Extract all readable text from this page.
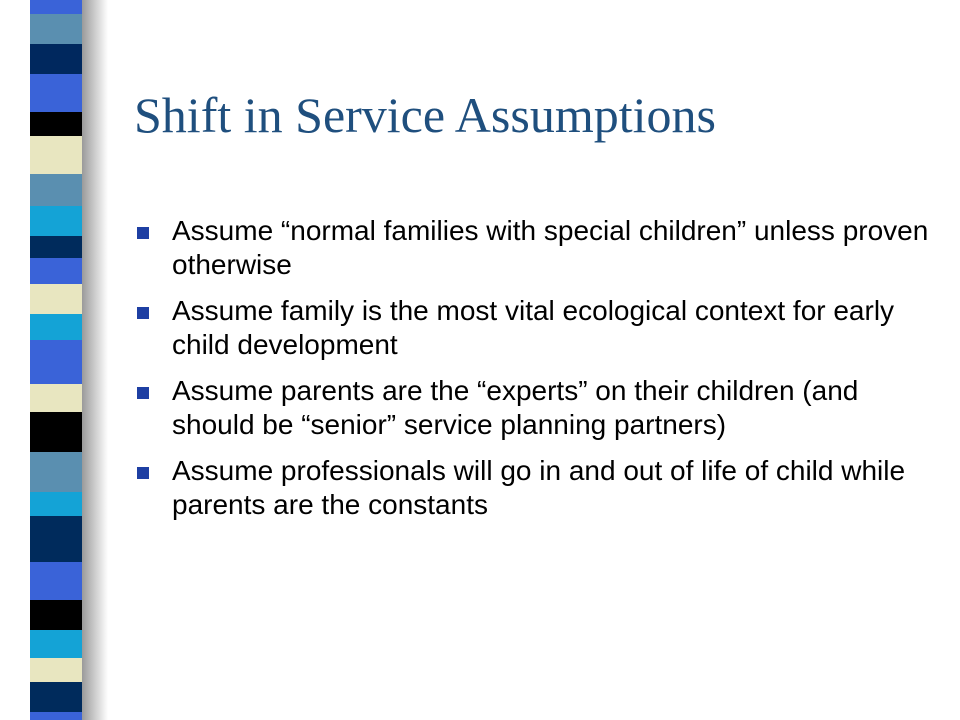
Shift in Service Assumptions
Assume “normal families with special children” unless proven otherwise
Assume family is the most vital ecological context for early child development
Assume parents are the “experts” on their children (and should be “senior” service planning partners)
Assume professionals will go in and out of life of child while parents are the constants
